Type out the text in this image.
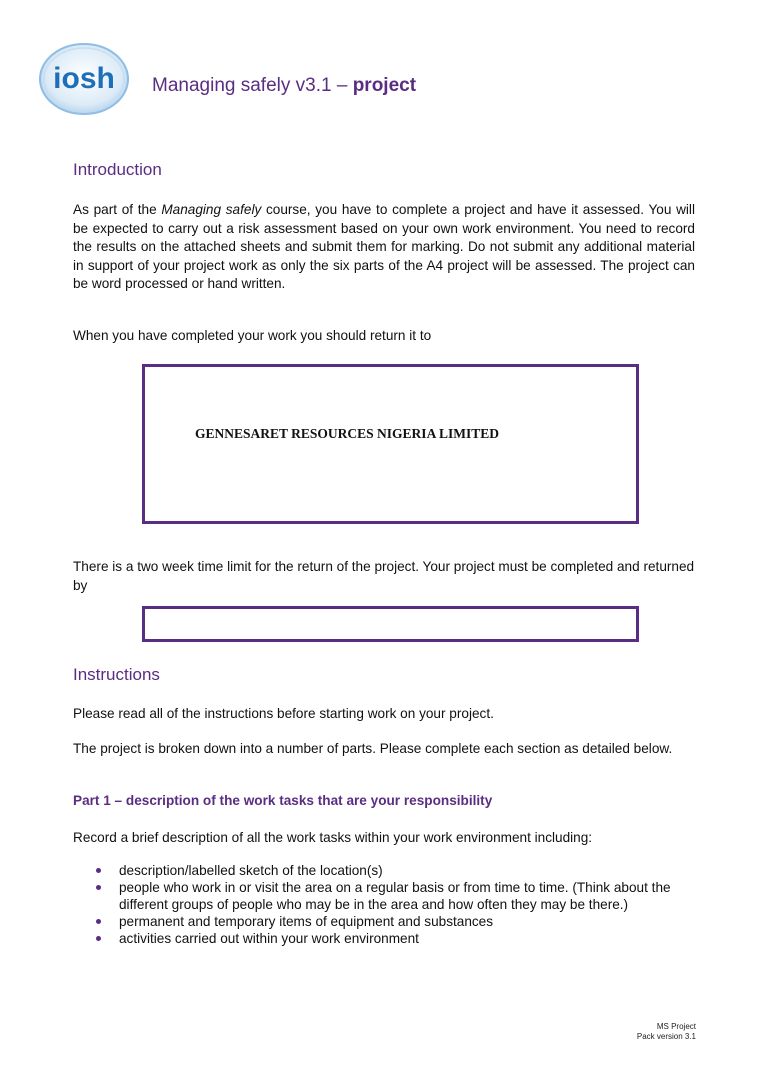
iosh Managing safely v3.1 – project
Introduction
As part of the Managing safely course, you have to complete a project and have it assessed. You will be expected to carry out a risk assessment based on your own work environment. You need to record the results on the attached sheets and submit them for marking. Do not submit any additional material in support of your project work as only the six parts of the A4 project will be assessed. The project can be word processed or hand written.
When you have completed your work you should return it to
GENNESARET RESOURCES NIGERIA LIMITED
There is a two week time limit for the return of the project. Your project must be completed and returned by
Instructions
Please read all of the instructions before starting work on your project.
The project is broken down into a number of parts. Please complete each section as detailed below.
Part 1 – description of the work tasks that are your responsibility
Record a brief description of all the work tasks within your work environment including:
description/labelled sketch of the location(s)
people who work in or visit the area on a regular basis or from time to time. (Think about the different groups of people who may be in the area and how often they may be there.)
permanent and temporary items of equipment and substances
activities carried out within your work environment
MS Project
Pack version 3.1
